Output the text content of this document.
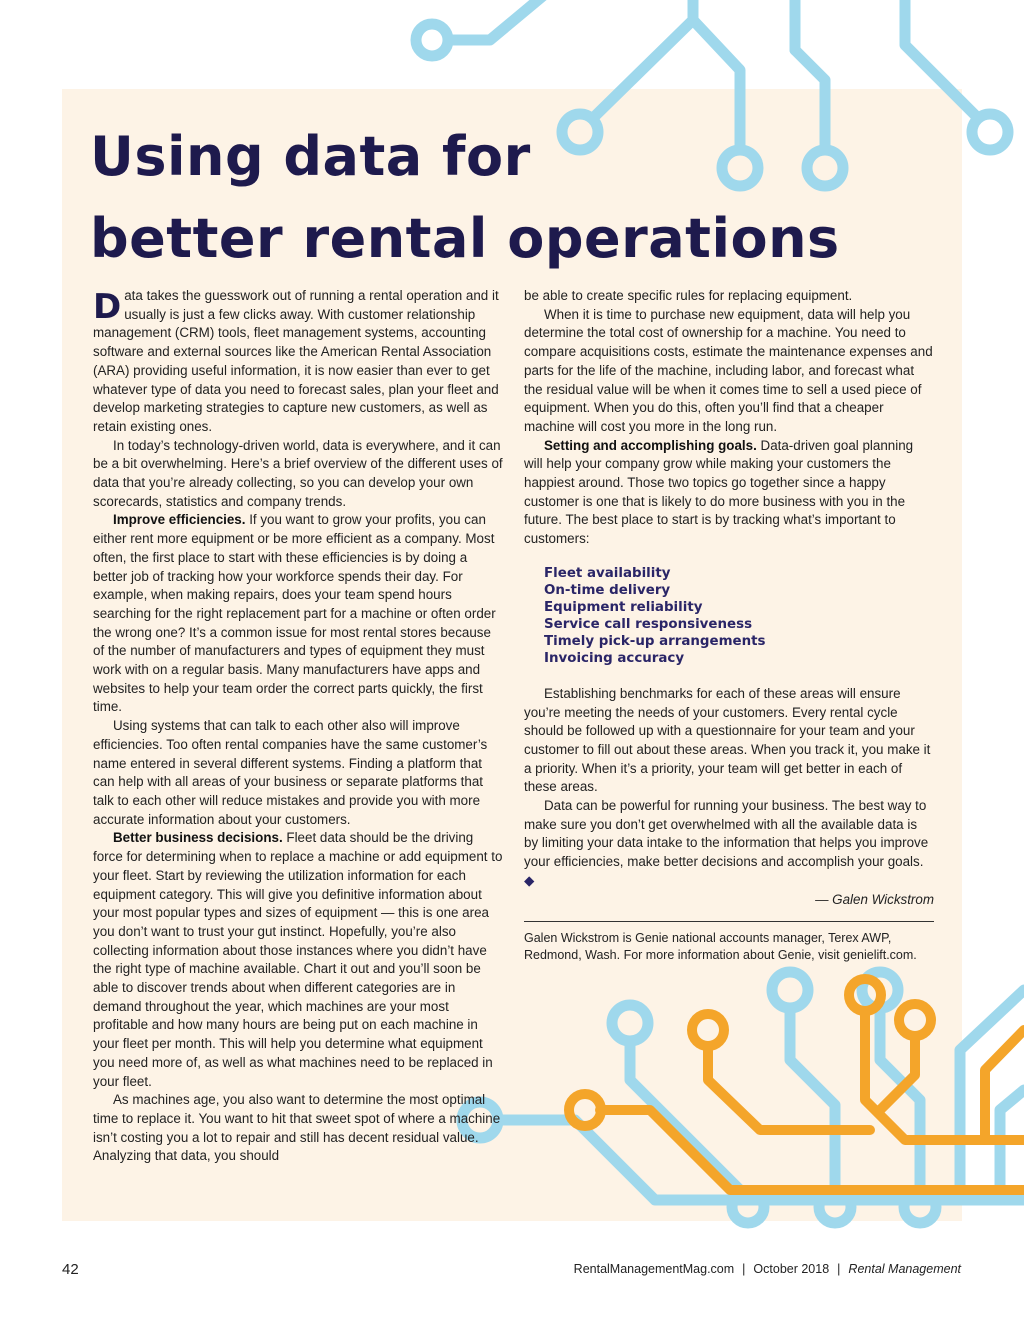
Using data for
better rental operations

Data takes the guesswork out of running a rental operation and it usually is just a few clicks away. With customer relationship management (CRM) tools, fleet management systems, accounting software and external sources like the American Rental Association (ARA) providing useful information, it is now easier than ever to get whatever type of data you need to forecast sales, plan your fleet and develop marketing strategies to capture new customers, as well as retain existing ones.

In today’s technology-driven world, data is everywhere, and it can be a bit overwhelming. Here’s a brief overview of the different uses of data that you’re already collecting, so you can develop your own scorecards, statistics and company trends.

Improve efficiencies. If you want to grow your profits, you can either rent more equipment or be more efficient as a company. Most often, the first place to start with these efficiencies is by doing a better job of tracking how your workforce spends their day. For example, when making repairs, does your team spend hours searching for the right replacement part for a machine or often order the wrong one? It’s a common issue for most rental stores because of the number of manufacturers and types of equipment they must work with on a regular basis. Many manufacturers have apps and websites to help your team order the correct parts quickly, the first time.

Using systems that can talk to each other also will improve efficiencies. Too often rental companies have the same customer’s name entered in several different systems. Finding a platform that can help with all areas of your business or separate platforms that talk to each other will reduce mistakes and provide you with more accurate information about your customers.

Better business decisions. Fleet data should be the driving force for determining when to replace a machine or add equipment to your fleet. Start by reviewing the utilization information for each equipment category. This will give you definitive information about your most popular types and sizes of equipment — this is one area you don’t want to trust your gut instinct. Hopefully, you’re also collecting information about those instances where you didn’t have the right type of machine available. Chart it out and you’ll soon be able to discover trends about when different categories are in demand throughout the year, which machines are your most profitable and how many hours are being put on each machine in your fleet per month. This will help you determine what equipment you need more of, as well as what machines need to be replaced in your fleet.

As machines age, you also want to determine the most optimal time to replace it. You want to hit that sweet spot of where a machine isn’t costing you a lot to repair and still has decent residual value. Analyzing that data, you should

be able to create specific rules for replacing equipment.

When it is time to purchase new equipment, data will help you determine the total cost of ownership for a machine. You need to compare acquisitions costs, estimate the maintenance expenses and parts for the life of the machine, including labor, and forecast what the residual value will be when it comes time to sell a used piece of equipment. When you do this, often you’ll find that a cheaper machine will cost you more in the long run.

Setting and accomplishing goals. Data-driven goal planning will help your company grow while making your customers the happiest around. Those two topics go together since a happy customer is one that is likely to do more business with you in the future. The best place to start is by tracking what’s important to customers:

Fleet availability
On-time delivery
Equipment reliability
Service call responsiveness
Timely pick-up arrangements
Invoicing accuracy

Establishing benchmarks for each of these areas will ensure you’re meeting the needs of your customers. Every rental cycle should be followed up with a questionnaire for your team and your customer to fill out about these areas. When you track it, you make it a priority. When it’s a priority, your team will get better in each of these areas.

Data can be powerful for running your business. The best way to make sure you don’t get overwhelmed with all the available data is by limiting your data intake to the information that helps you improve your efficiencies, make better decisions and accomplish your goals. ◆

— Galen Wickstrom

Galen Wickstrom is Genie national accounts manager, Terex AWP, Redmond, Wash. For more information about Genie, visit genielift.com.
42	RentalManagementMag.com | October 2018 | Rental Management
